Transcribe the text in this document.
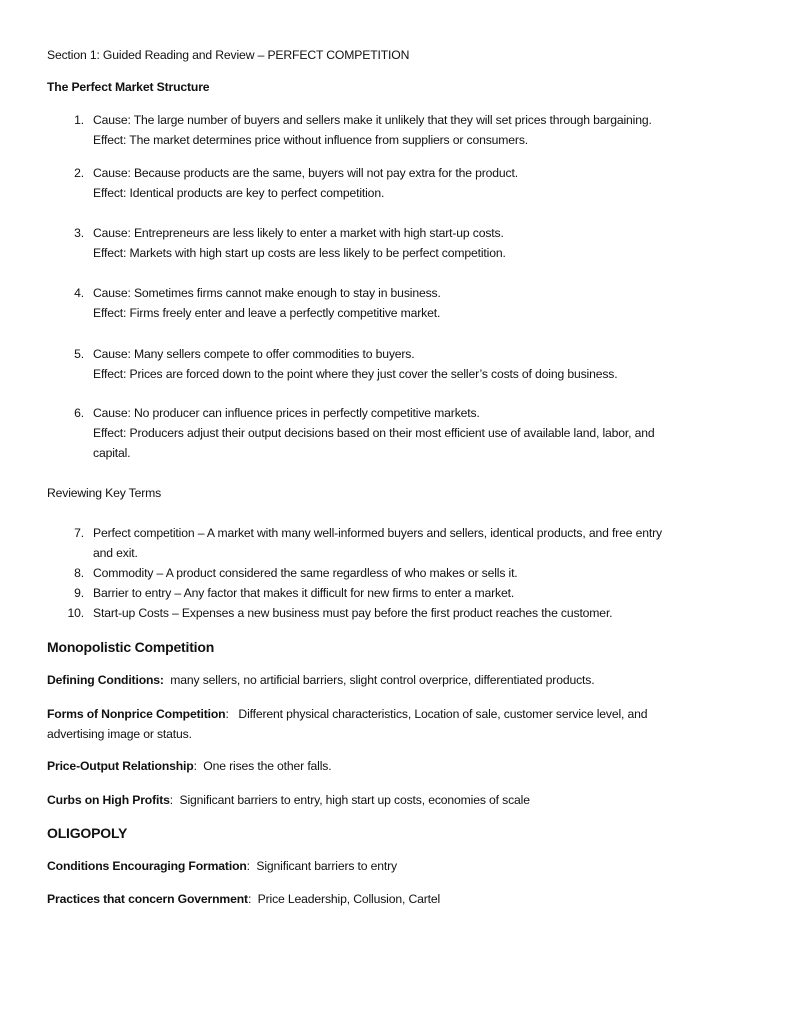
Section 1: Guided Reading and Review – PERFECT COMPETITION
The Perfect Market Structure
1. Cause: The large number of buyers and sellers make it unlikely that they will set prices through bargaining.
Effect: The market determines price without influence from suppliers or consumers.
2. Cause: Because products are the same, buyers will not pay extra for the product.
Effect: Identical products are key to perfect competition.
3. Cause: Entrepreneurs are less likely to enter a market with high start-up costs.
Effect: Markets with high start up costs are less likely to be perfect competition.
4. Cause: Sometimes firms cannot make enough to stay in business.
Effect: Firms freely enter and leave a perfectly competitive market.
5. Cause: Many sellers compete to offer commodities to buyers.
Effect: Prices are forced down to the point where they just cover the seller’s costs of doing business.
6. Cause: No producer can influence prices in perfectly competitive markets.
Effect: Producers adjust their output decisions based on their most efficient use of available land, labor, and
capital.
Reviewing Key Terms
7. Perfect competition – A market with many well-informed buyers and sellers, identical products, and free entry
and exit.
8. Commodity – A product considered the same regardless of who makes or sells it.
9. Barrier to entry – Any factor that makes it difficult for new firms to enter a market.
10. Start-up Costs – Expenses a new business must pay before the first product reaches the customer.
Monopolistic Competition
Defining Conditions:  many sellers, no artificial barriers, slight control overprice, differentiated products.
Forms of Nonprice Competition:   Different physical characteristics, Location of sale, customer service level, and
advertising image or status.
Price-Output Relationship:  One rises the other falls.
Curbs on High Profits:  Significant barriers to entry, high start up costs, economies of scale
OLIGOPOLY
Conditions Encouraging Formation:  Significant barriers to entry
Practices that concern Government:  Price Leadership, Collusion, Cartel
